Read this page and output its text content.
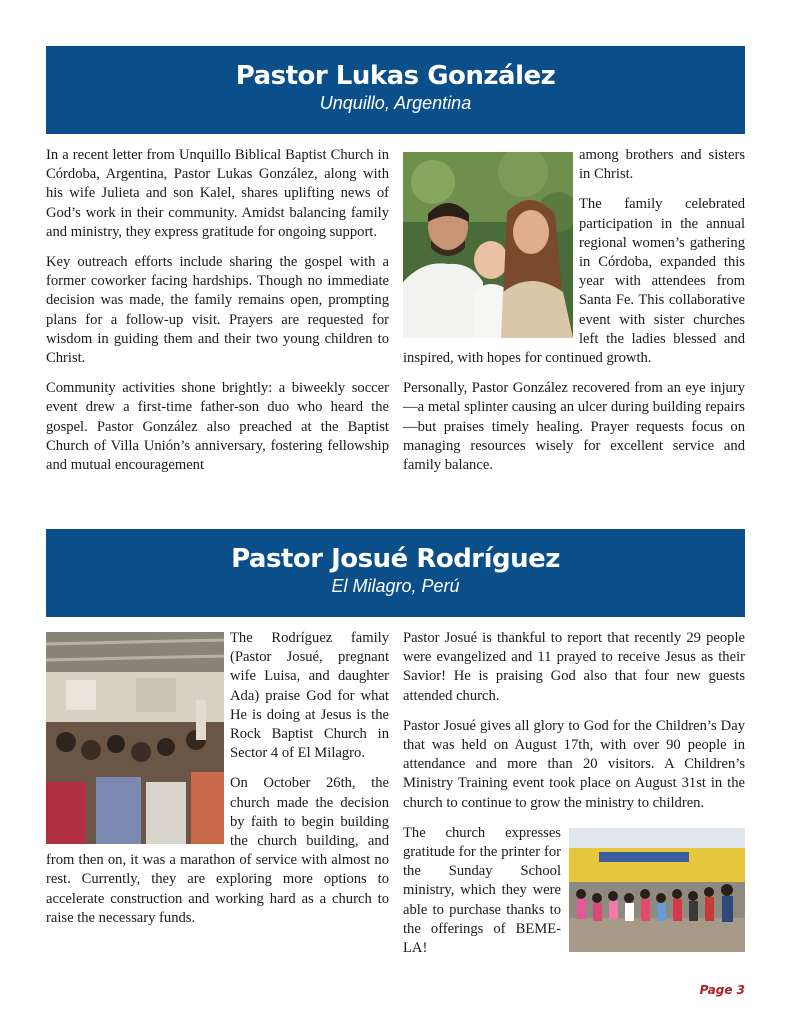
Pastor Lukas González
Unquillo, Argentina

In a recent letter from Unquillo Biblical Baptist Church in Córdoba, Argentina, Pastor Lukas González, along with his wife Julieta and son Kalel, shares uplifting news of God’s work in their community. Amidst balancing family and ministry, they express gratitude for ongoing support.

Key outreach efforts include sharing the gospel with a former coworker facing hardships. Though no immediate decision was made, the family remains open, prompting plans for a follow-up visit. Prayers are requested for wisdom in guiding them and their two young children to Christ.

Community activities shone brightly: a biweekly soccer event drew a first-time father-son duo who heard the gospel. Pastor González also preached at the Baptist Church of Villa Unión’s anniversary, fostering fellowship and mutual encouragement

among brothers and sisters in Christ.

The family celebrated participation in the annual regional women’s gathering in Córdoba, expanded this year with attendees from Santa Fe. This collaborative event with sister churches left the ladies blessed and inspired, with hopes for continued growth.

Personally, Pastor González recovered from an eye injury—a metal splinter causing an ulcer during building repairs—but praises timely healing. Prayer requests focus on managing resources wisely for excellent service and family balance.

Pastor Josué Rodríguez
El Milagro, Perú

The Rodríguez family (Pastor Josué, pregnant wife Luisa, and daughter Ada) praise God for what He is doing at Jesus is the Rock Baptist Church in Sector 4 of El Milagro.

On October 26th, the church made the decision by faith to begin building the church building, and from then on, it was a marathon of service with almost no rest. Currently, they are exploring more options to accelerate construction and working hard as a church to raise the necessary funds.

Pastor Josué is thankful to report that recently 29 people were evangelized and 11 prayed to receive Jesus as their Savior! He is praising God also that four new guests attended church.

Pastor Josué gives all glory to God for the Children’s Day that was held on August 17th, with over 90 people in attendance and more than 20 visitors. A Children’s Ministry Training event took place on August 31st in the church to continue to grow the ministry to children.

The church expresses gratitude for the printer for the Sunday School ministry, which they were able to purchase thanks to the offerings of BEME-LA!

Page 3
